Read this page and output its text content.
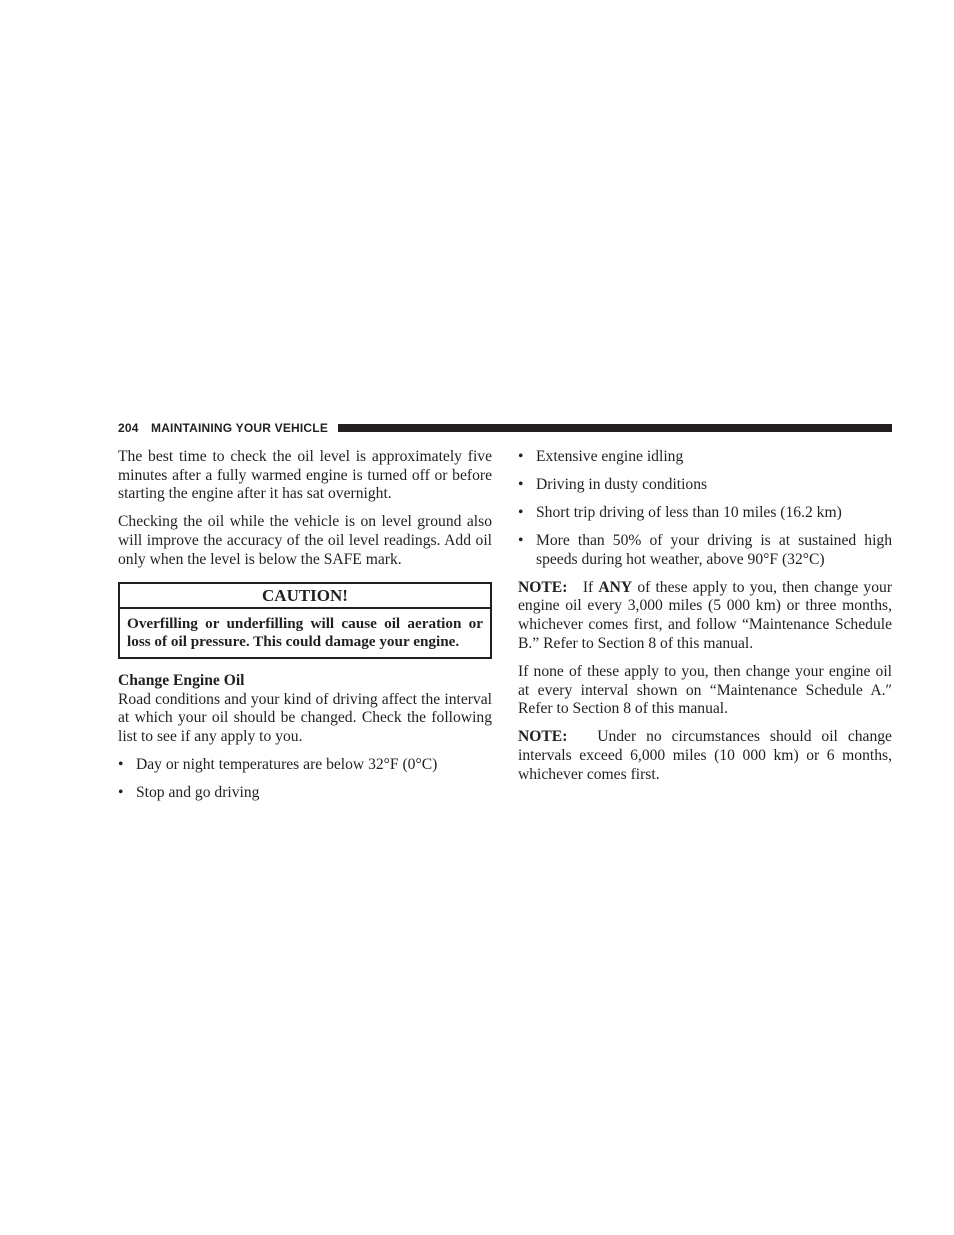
204 MAINTAINING YOUR VEHICLE

The best time to check the oil level is approximately five minutes after a fully warmed engine is turned off or before starting the engine after it has sat overnight.

Checking the oil while the vehicle is on level ground also will improve the accuracy of the oil level readings. Add oil only when the level is below the SAFE mark.

CAUTION!
Overfilling or underfilling will cause oil aeration or loss of oil pressure. This could damage your engine.
Change Engine Oil

Road conditions and your kind of driving affect the interval at which your oil should be changed. Check the following list to see if any apply to you.

• Day or night temperatures are below 32°F (0°C)
• Stop and go driving
• Extensive engine idling
• Driving in dusty conditions
• Short trip driving of less than 10 miles (16.2 km)
• More than 50% of your driving is at sustained high speeds during hot weather, above 90°F (32°C)

NOTE: If ANY of these apply to you, then change your engine oil every 3,000 miles (5 000 km) or three months, whichever comes first, and follow “Maintenance Schedule B.” Refer to Section 8 of this manual.

If none of these apply to you, then change your engine oil at every interval shown on “Maintenance Schedule A.″ Refer to Section 8 of this manual.

NOTE: Under no circumstances should oil change intervals exceed 6,000 miles (10 000 km) or 6 months, whichever comes first.
